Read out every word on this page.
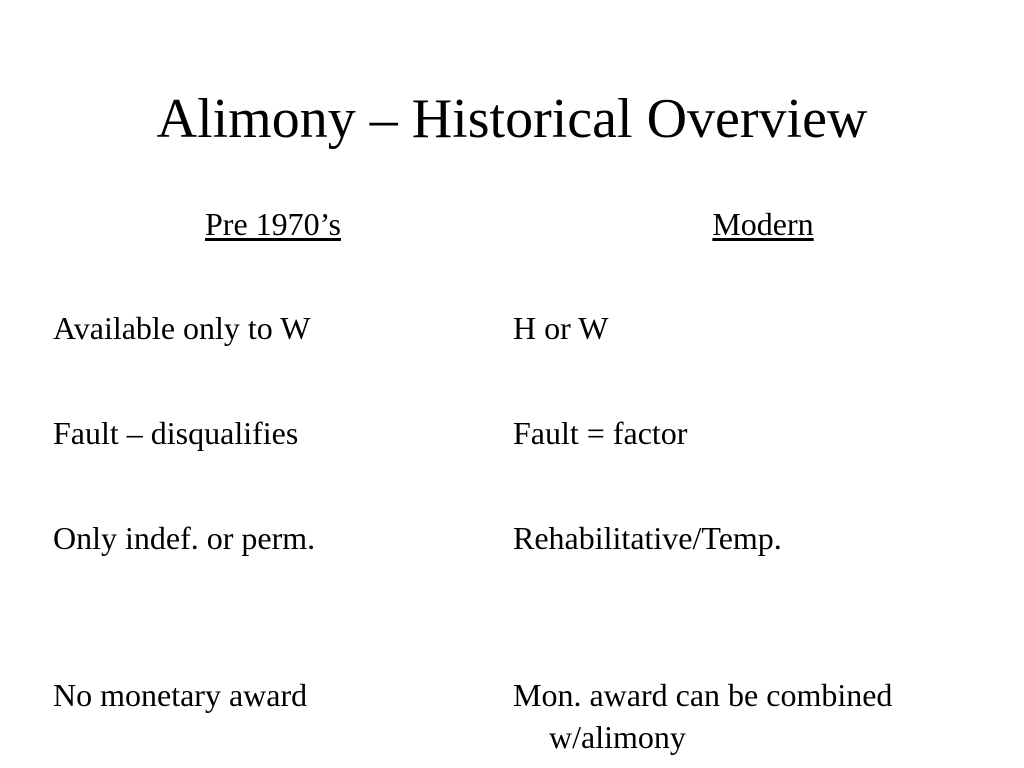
Alimony – Historical Overview
Pre 1970’s	Modern
Available only to W	H or W
Fault – disqualifies	Fault = factor
Only indef. or perm.	Rehabilitative/Temp.
No monetary award	Mon. award can be combined w/alimony
